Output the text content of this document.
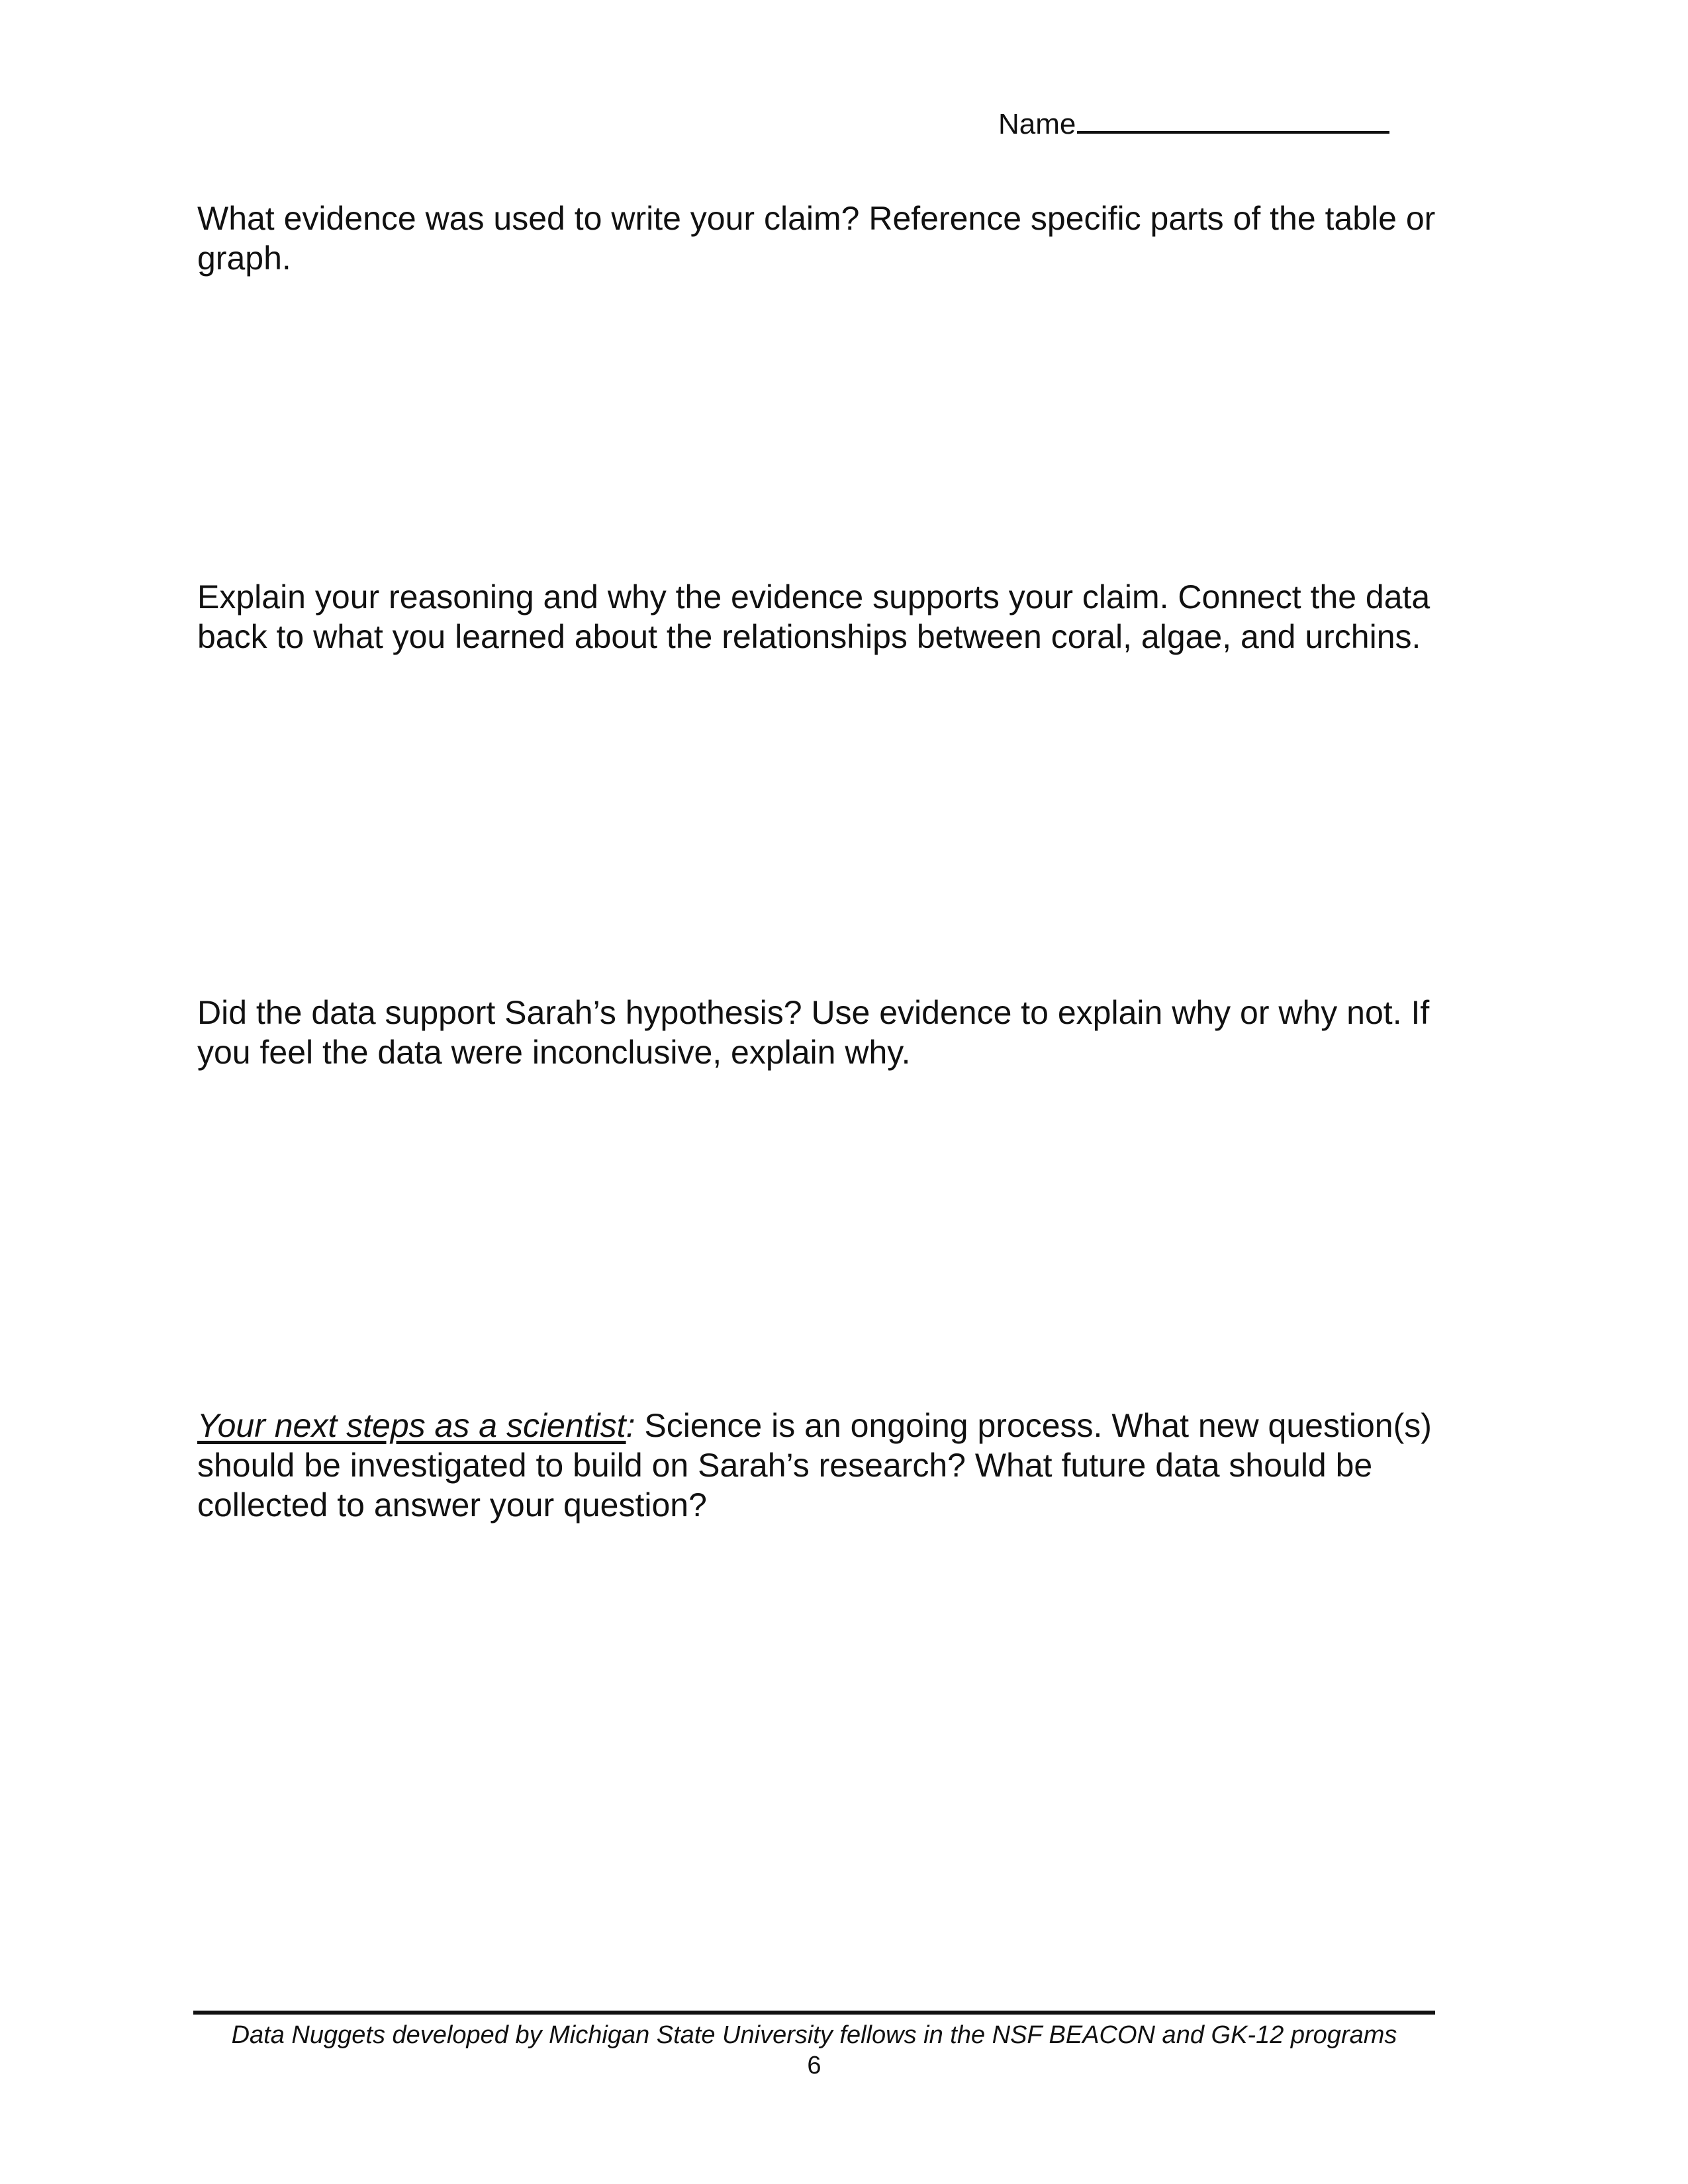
Name

What evidence was used to write your claim? Reference specific parts of the table or graph.

Explain your reasoning and why the evidence supports your claim. Connect the data back to what you learned about the relationships between coral, algae, and urchins.

Did the data support Sarah’s hypothesis? Use evidence to explain why or why not. If you feel the data were inconclusive, explain why.

Your next steps as a scientist: Science is an ongoing process. What new question(s) should be investigated to build on Sarah’s research? What future data should be collected to answer your question?

Data Nuggets developed by Michigan State University fellows in the NSF BEACON and GK-12 programs

6
